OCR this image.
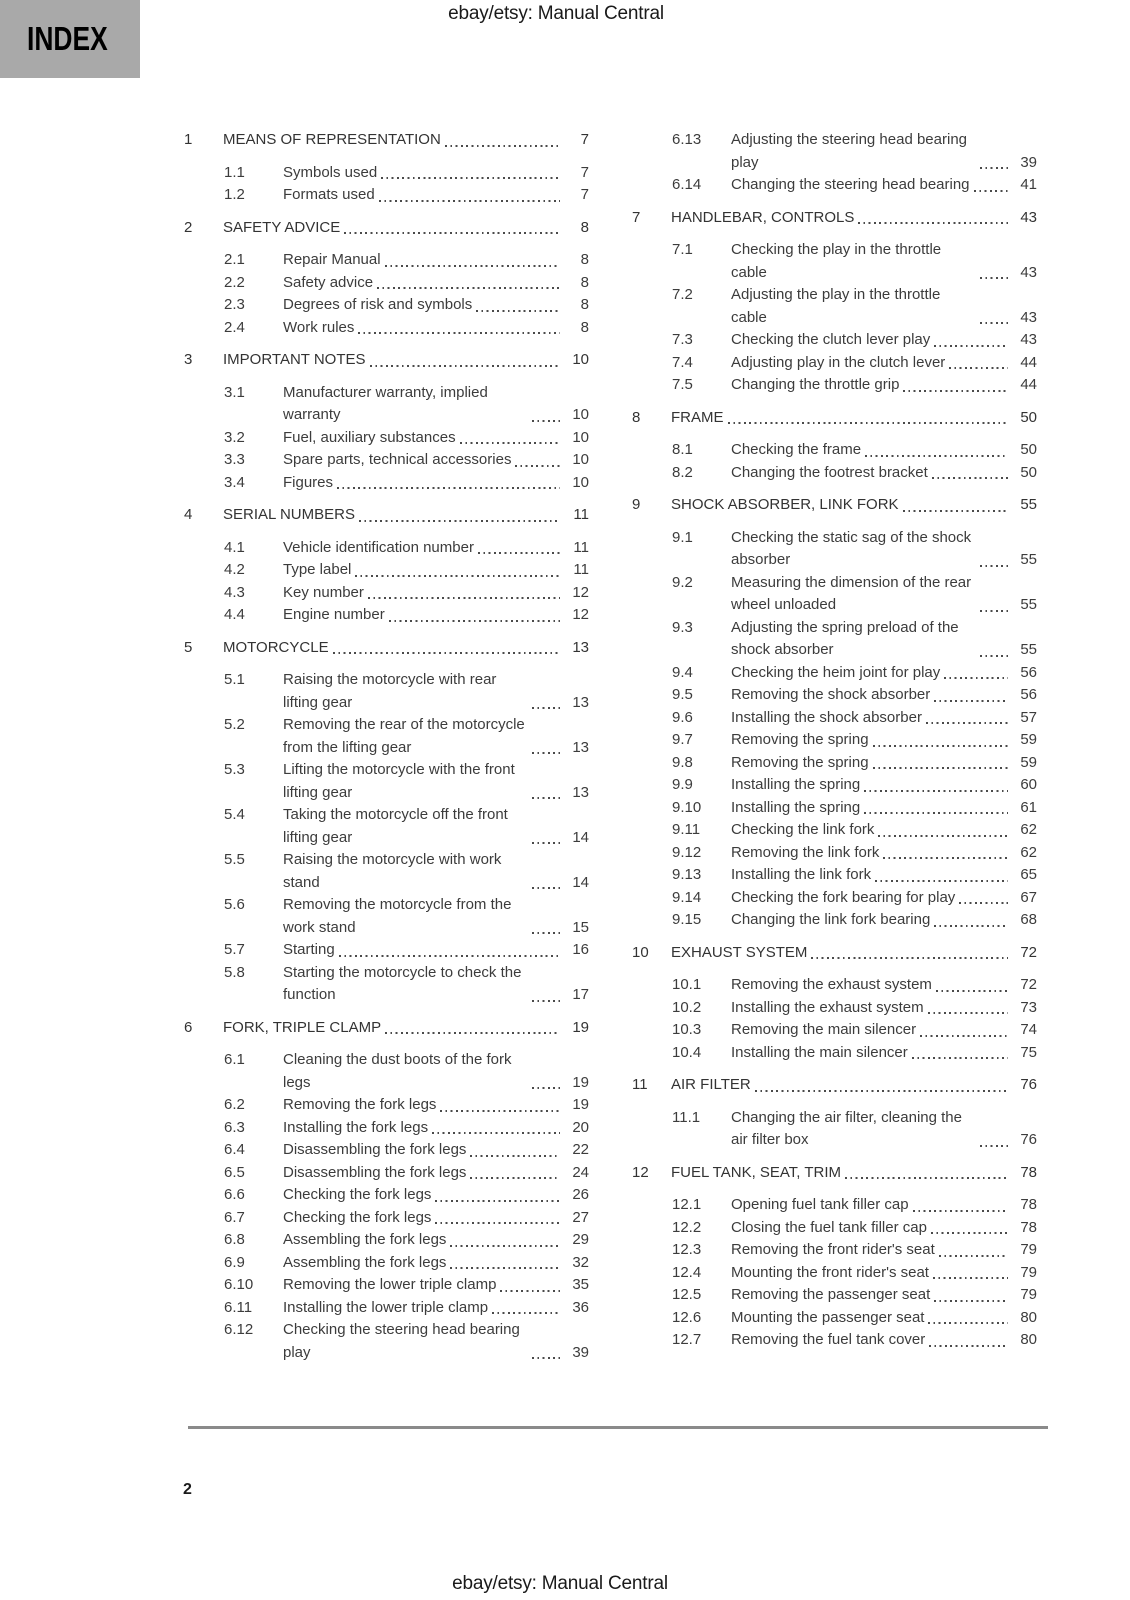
ebay/etsy: Manual Central
INDEX
1	MEANS OF REPRESENTATION	7
1.1	Symbols used	7
1.2	Formats used	7
2	SAFETY ADVICE	8
2.1	Repair Manual	8
2.2	Safety advice	8
2.3	Degrees of risk and symbols	8
2.4	Work rules	8
3	IMPORTANT NOTES	10
3.1	Manufacturer warranty, implied warranty	10
3.2	Fuel, auxiliary substances	10
3.3	Spare parts, technical accessories	10
3.4	Figures	10
4	SERIAL NUMBERS	11
4.1	Vehicle identification number	11
4.2	Type label	11
4.3	Key number	12
4.4	Engine number	12
5	MOTORCYCLE	13
5.1	Raising the motorcycle with rear lifting gear	13
5.2	Removing the rear of the motorcycle from the lifting gear	13
5.3	Lifting the motorcycle with the front lifting gear	13
5.4	Taking the motorcycle off the front lifting gear	14
5.5	Raising the motorcycle with work stand	14
5.6	Removing the motorcycle from the work stand	15
5.7	Starting	16
5.8	Starting the motorcycle to check the function	17
6	FORK, TRIPLE CLAMP	19
6.1	Cleaning the dust boots of the fork legs	19
6.2	Removing the fork legs	19
6.3	Installing the fork legs	20
6.4	Disassembling the fork legs	22
6.5	Disassembling the fork legs	24
6.6	Checking the fork legs	26
6.7	Checking the fork legs	27
6.8	Assembling the fork legs	29
6.9	Assembling the fork legs	32
6.10	Removing the lower triple clamp	35
6.11	Installing the lower triple clamp	36
6.12	Checking the steering head bearing play	39
6.13	Adjusting the steering head bearing play	39
6.14	Changing the steering head bearing	41
7	HANDLEBAR, CONTROLS	43
7.1	Checking the play in the throttle cable	43
7.2	Adjusting the play in the throttle cable	43
7.3	Checking the clutch lever play	43
7.4	Adjusting play in the clutch lever	44
7.5	Changing the throttle grip	44
8	FRAME	50
8.1	Checking the frame	50
8.2	Changing the footrest bracket	50
9	SHOCK ABSORBER, LINK FORK	55
9.1	Checking the static sag of the shock absorber	55
9.2	Measuring the dimension of the rear wheel unloaded	55
9.3	Adjusting the spring preload of the shock absorber	55
9.4	Checking the heim joint for play	56
9.5	Removing the shock absorber	56
9.6	Installing the shock absorber	57
9.7	Removing the spring	59
9.8	Removing the spring	59
9.9	Installing the spring	60
9.10	Installing the spring	61
9.11	Checking the link fork	62
9.12	Removing the link fork	62
9.13	Installing the link fork	65
9.14	Checking the fork bearing for play	67
9.15	Changing the link fork bearing	68
10	EXHAUST SYSTEM	72
10.1	Removing the exhaust system	72
10.2	Installing the exhaust system	73
10.3	Removing the main silencer	74
10.4	Installing the main silencer	75
11	AIR FILTER	76
11.1	Changing the air filter, cleaning the air filter box	76
12	FUEL TANK, SEAT, TRIM	78
12.1	Opening fuel tank filler cap	78
12.2	Closing the fuel tank filler cap	78
12.3	Removing the front rider's seat	79
12.4	Mounting the front rider's seat	79
12.5	Removing the passenger seat	79
12.6	Mounting the passenger seat	80
12.7	Removing the fuel tank cover	80
2
ebay/etsy: Manual Central
